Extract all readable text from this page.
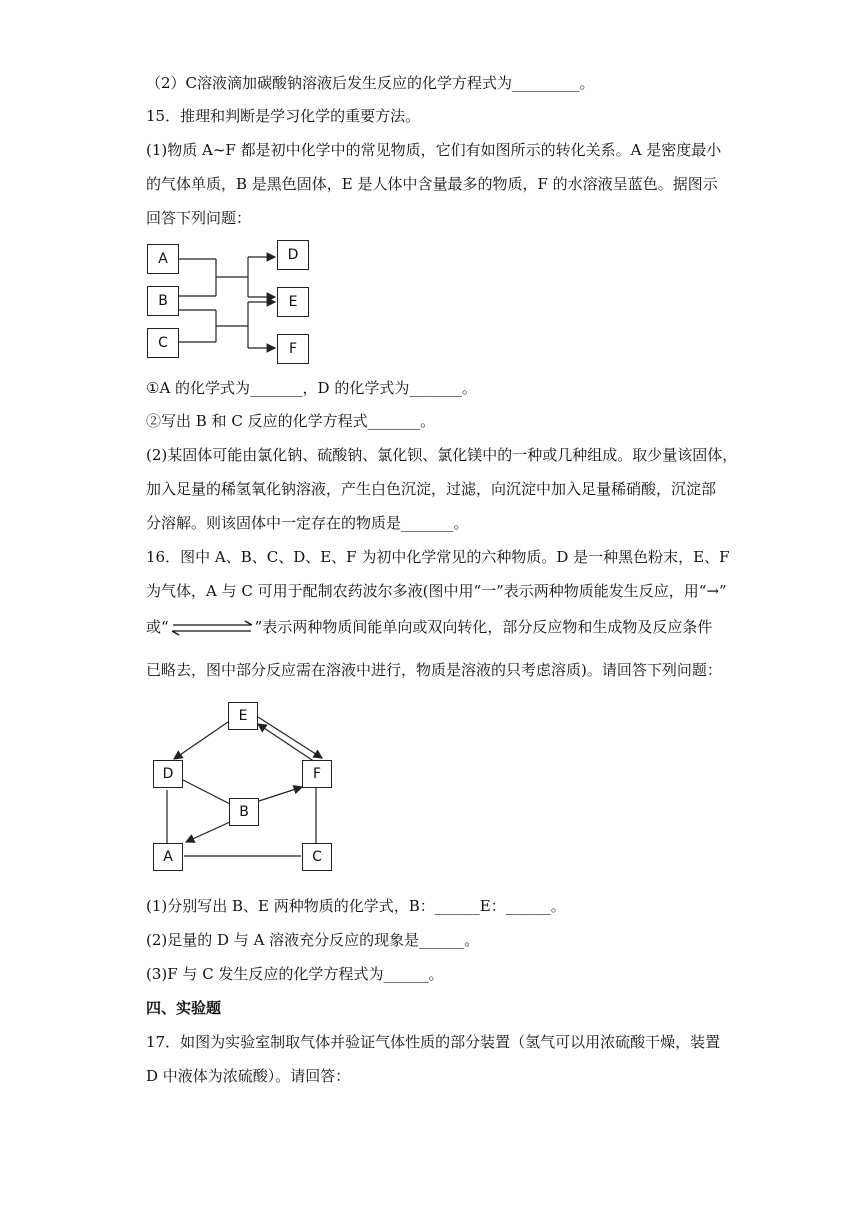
（2）C溶液滴加碳酸钠溶液后发生反应的化学方程式为_________。
15．推理和判断是学习化学的重要方法。
(1)物质 A~F 都是初中化学中的常见物质，它们有如图所示的转化关系。A 是密度最小
的气体单质，B 是黑色固体，E 是人体中含量最多的物质，F 的水溶液呈蓝色。据图示
回答下列问题：
A
B
C
D
E
F
①A 的化学式为_______，D 的化学式为_______。
②写出 B 和 C 反应的化学方程式_______。
(2)某固体可能由氯化钠、硫酸钠、氯化钡、氯化镁中的一种或几种组成。取少量该固体，
加入足量的稀氢氧化钠溶液，产生白色沉淀，过滤，向沉淀中加入足量稀硝酸，沉淀部
分溶解。则该固体中一定存在的物质是_______。
16．图中 A、B、C、D、E、F 为初中化学常见的六种物质。D 是一种黑色粉末，E、F
为气体，A 与 C 可用于配制农药波尔多液(图中用“一”表示两种物质能发生反应，用“→”
或“	”表示两种物质间能单向或双向转化，部分反应物和生成物及反应条件
已略去，图中部分反应需在溶液中进行，物质是溶液的只考虑溶质)。请回答下列问题：
E
D	F
B
A	C
(1)分别写出 B、E 两种物质的化学式，B：______E：______。
(2)足量的 D 与 A 溶液充分反应的现象是______。
(3)F 与 C 发生反应的化学方程式为______。
四、实验题
17．如图为实验室制取气体并验证气体性质的部分装置（氢气可以用浓硫酸干燥，装置
D 中液体为浓硫酸）。请回答：
